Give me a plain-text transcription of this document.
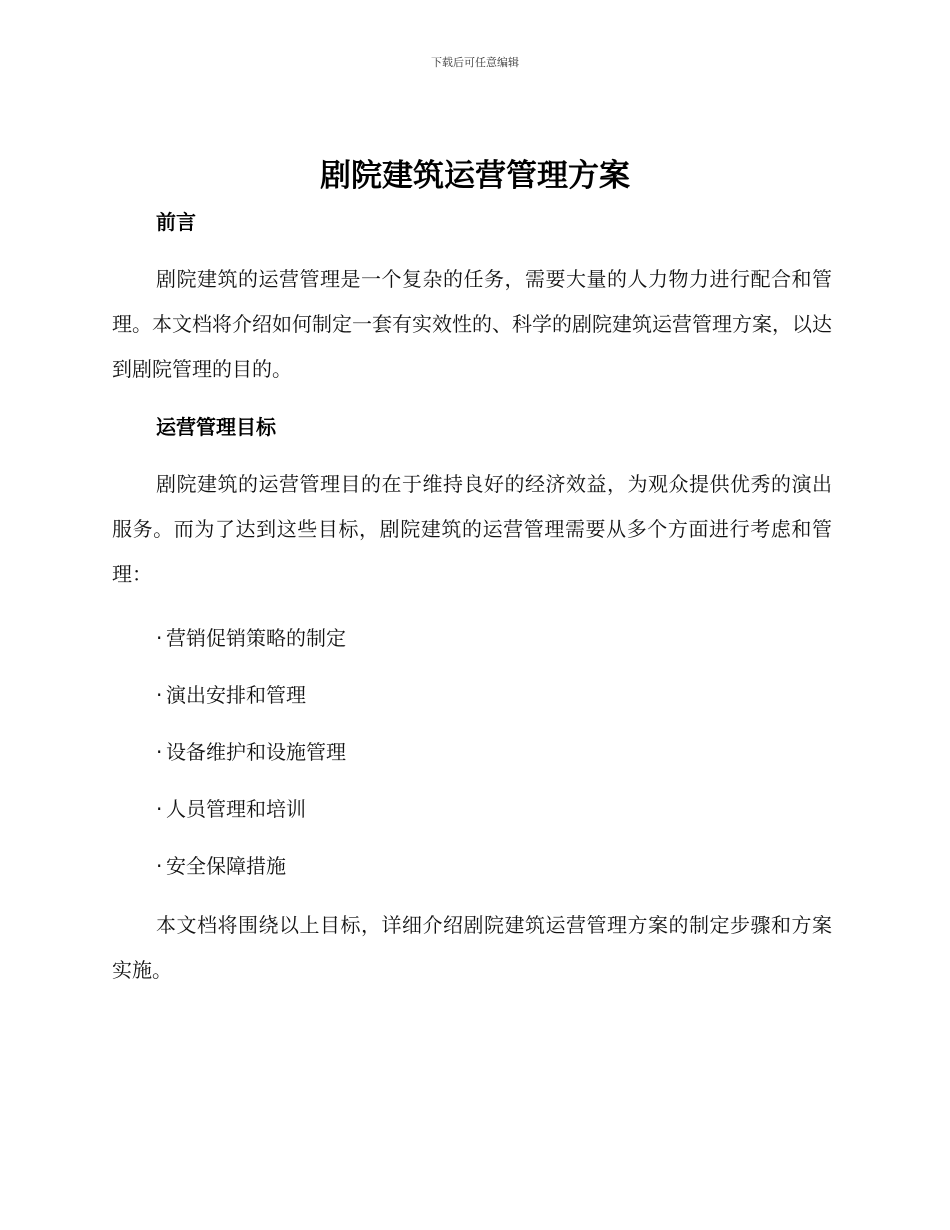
下载后可任意编辑
剧院建筑运营管理方案
前言

剧院建筑的运营管理是一个复杂的任务，需要大量的人力物力进行配合和管理。本文档将介绍如何制定一套有实效性的、科学的剧院建筑运营管理方案，以达到剧院管理的目的。

运营管理目标

剧院建筑的运营管理目的在于维持良好的经济效益，为观众提供优秀的演出服务。而为了达到这些目标，剧院建筑的运营管理需要从多个方面进行考虑和管理：

· 营销促销策略的制定
· 演出安排和管理
· 设备维护和设施管理
· 人员管理和培训
· 安全保障措施

本文档将围绕以上目标，详细介绍剧院建筑运营管理方案的制定步骤和方案实施。
